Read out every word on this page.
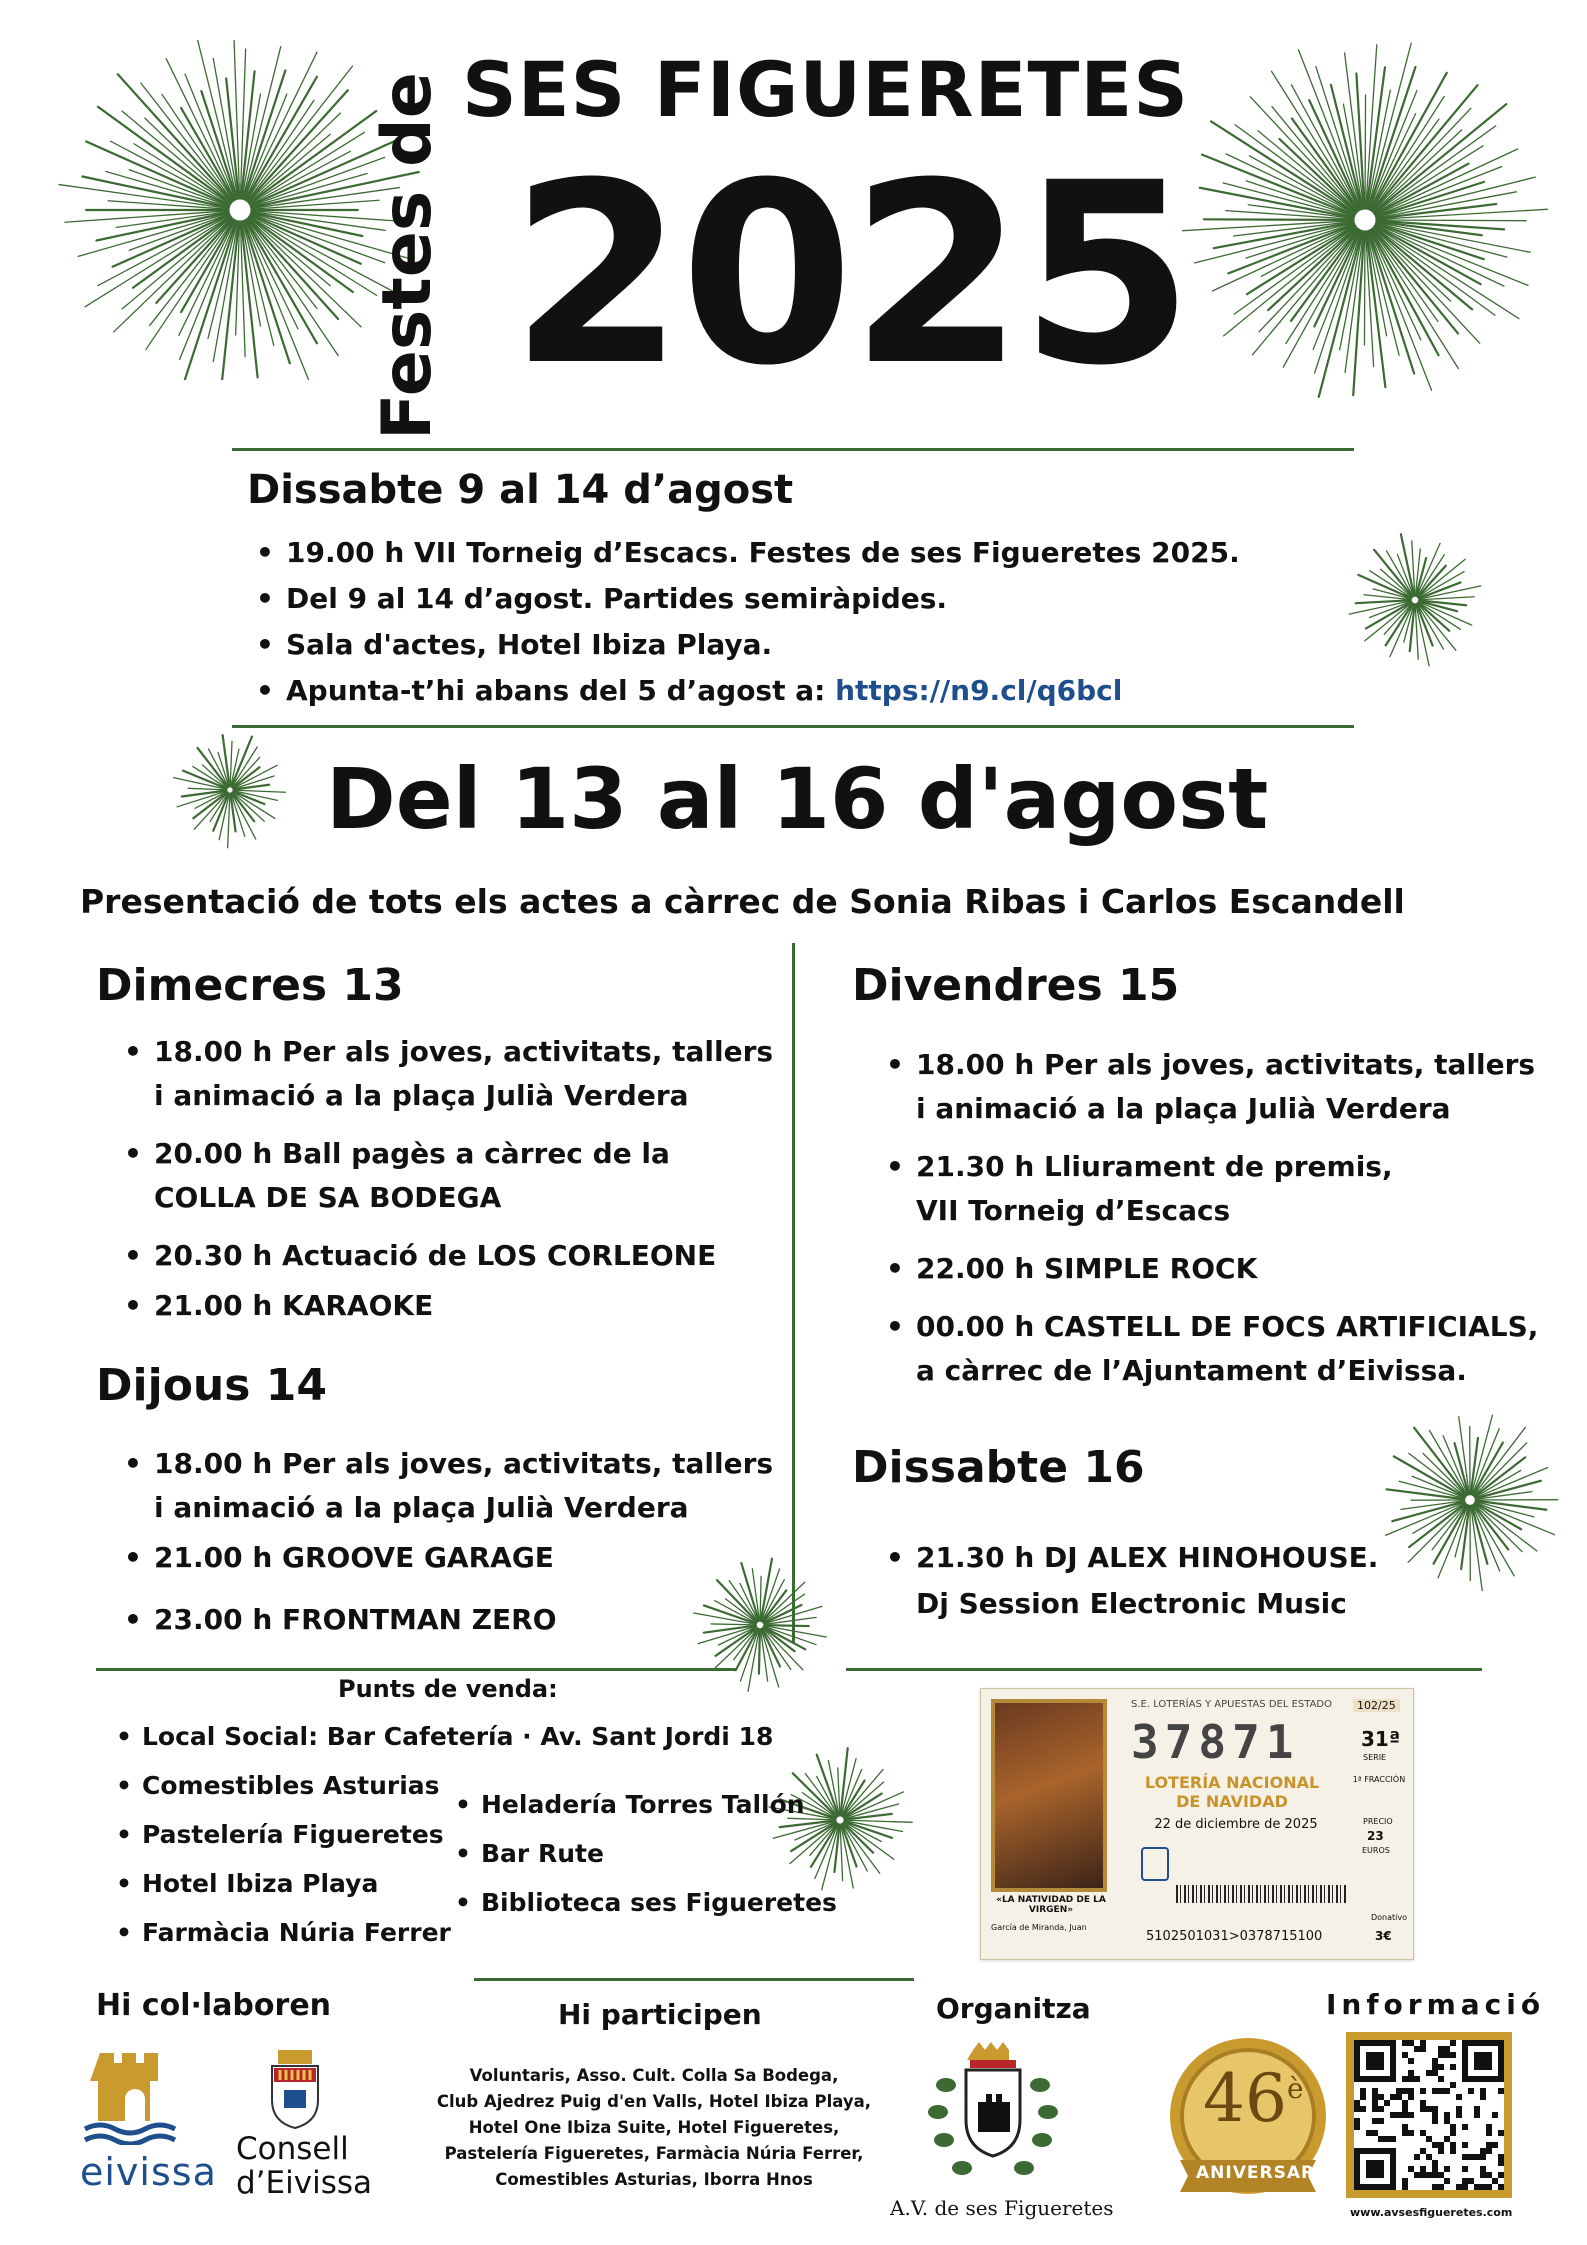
Festes de SES FIGUERETES
2025
Dissabte 9 al 14 d’agost
• 19.00 h VII Torneig d’Escacs. Festes de ses Figueretes 2025.
• Del 9 al 14 d’agost. Partides semiràpides.
• Sala d'actes, Hotel Ibiza Playa.
• Apunta-t’hi abans del 5 d’agost a: https://n9.cl/q6bcl
Del 13 al 16 d'agost
Presentació de tots els actes a càrrec de Sonia Ribas i Carlos Escandell
Dimecres 13
• 18.00 h Per als joves, activitats, tallers
i animació a la plaça Julià Verdera
• 20.00 h Ball pagès a càrrec de la
COLLA DE SA BODEGA
• 20.30 h Actuació de LOS CORLEONE
• 21.00 h KARAOKE
Dijous 14
• 18.00 h Per als joves, activitats, tallers
i animació a la plaça Julià Verdera
• 21.00 h GROOVE GARAGE
• 23.00 h FRONTMAN ZERO
Divendres 15
• 18.00 h Per als joves, activitats, tallers
i animació a la plaça Julià Verdera
• 21.30 h Lliurament de premis,
VII Torneig d’Escacs
• 22.00 h SIMPLE ROCK
• 00.00 h CASTELL DE FOCS ARTIFICIALS,
a càrrec de l’Ajuntament d’Eivissa.
Dissabte 16
• 21.30 h DJ ALEX HINOHOUSE.
Dj Session Electronic Music
Punts de venda:
• Local Social: Bar Cafetería · Av. Sant Jordi 18
• Comestibles Asturias
• Pastelería Figueretes
• Hotel Ibiza Playa
• Farmàcia Núria Ferrer
• Heladería Torres Tallón
• Bar Rute
• Biblioteca ses Figueretes	«LA NATIVIDAD DE LA VIRGEN»
García de Miranda, Juan
S.E. LOTERÍAS Y APUESTAS DEL ESTADO	102/25
37871	31ª
SERIE
1ª FRACCIÓN
LOTERÍA NACIONAL DE NAVIDAD
22 de diciembre de 2025	PRECIO
23
EUROS
5102501031>0378715100
Donativo
3€
Hi col·laboren	Hi participen	Organitza	Informació
eivissa
Consell
d’Eivissa
Voluntaris, Asso. Cult. Colla Sa Bodega,
Club Ajedrez Puig d'en Valls, Hotel Ibiza Playa,
Hotel One Ibiza Suite, Hotel Figueretes,
Pastelería Figueretes, Farmàcia Núria Ferrer,
Comestibles Asturias, Iborra Hnos
A.V. de ses Figueretes
$46^è$
ANIVERSARI
www.avsesfigueretes.com
